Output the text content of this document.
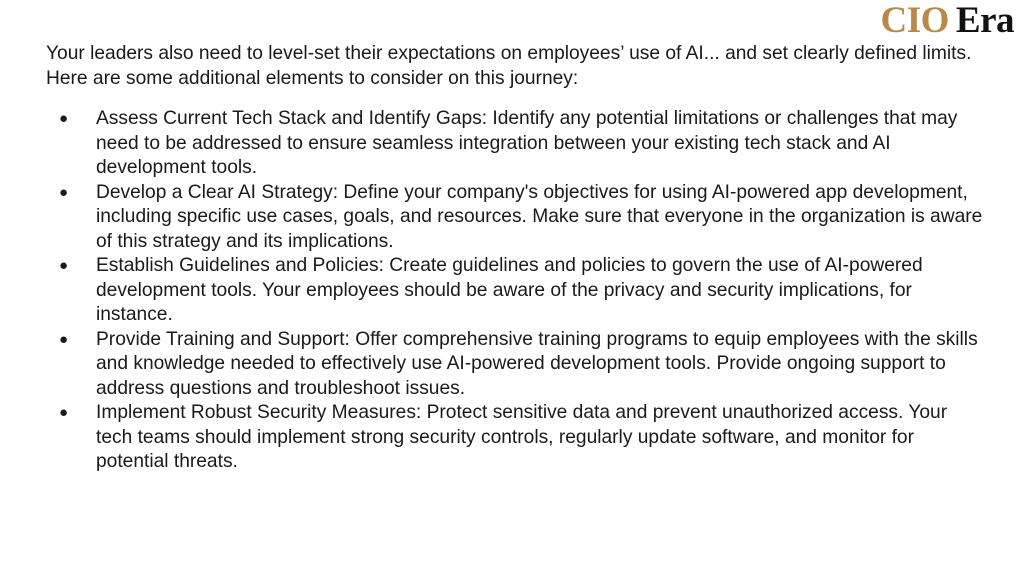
CIO Era

Your leaders also need to level-set their expectations on employees’ use of AI... and set clearly defined limits. Here are some additional elements to consider on this journey:

● Assess Current Tech Stack and Identify Gaps: Identify any potential limitations or challenges that may need to be addressed to ensure seamless integration between your existing tech stack and AI development tools.
● Develop a Clear AI Strategy: Define your company's objectives for using AI-powered app development, including specific use cases, goals, and resources. Make sure that everyone in the organization is aware of this strategy and its implications.
● Establish Guidelines and Policies: Create guidelines and policies to govern the use of AI-powered development tools. Your employees should be aware of the privacy and security implications, for instance.
● Provide Training and Support: Offer comprehensive training programs to equip employees with the skills and knowledge needed to effectively use AI-powered development tools. Provide ongoing support to address questions and troubleshoot issues.
● Implement Robust Security Measures: Protect sensitive data and prevent unauthorized access. Your tech teams should implement strong security controls, regularly update software, and monitor for potential threats.
